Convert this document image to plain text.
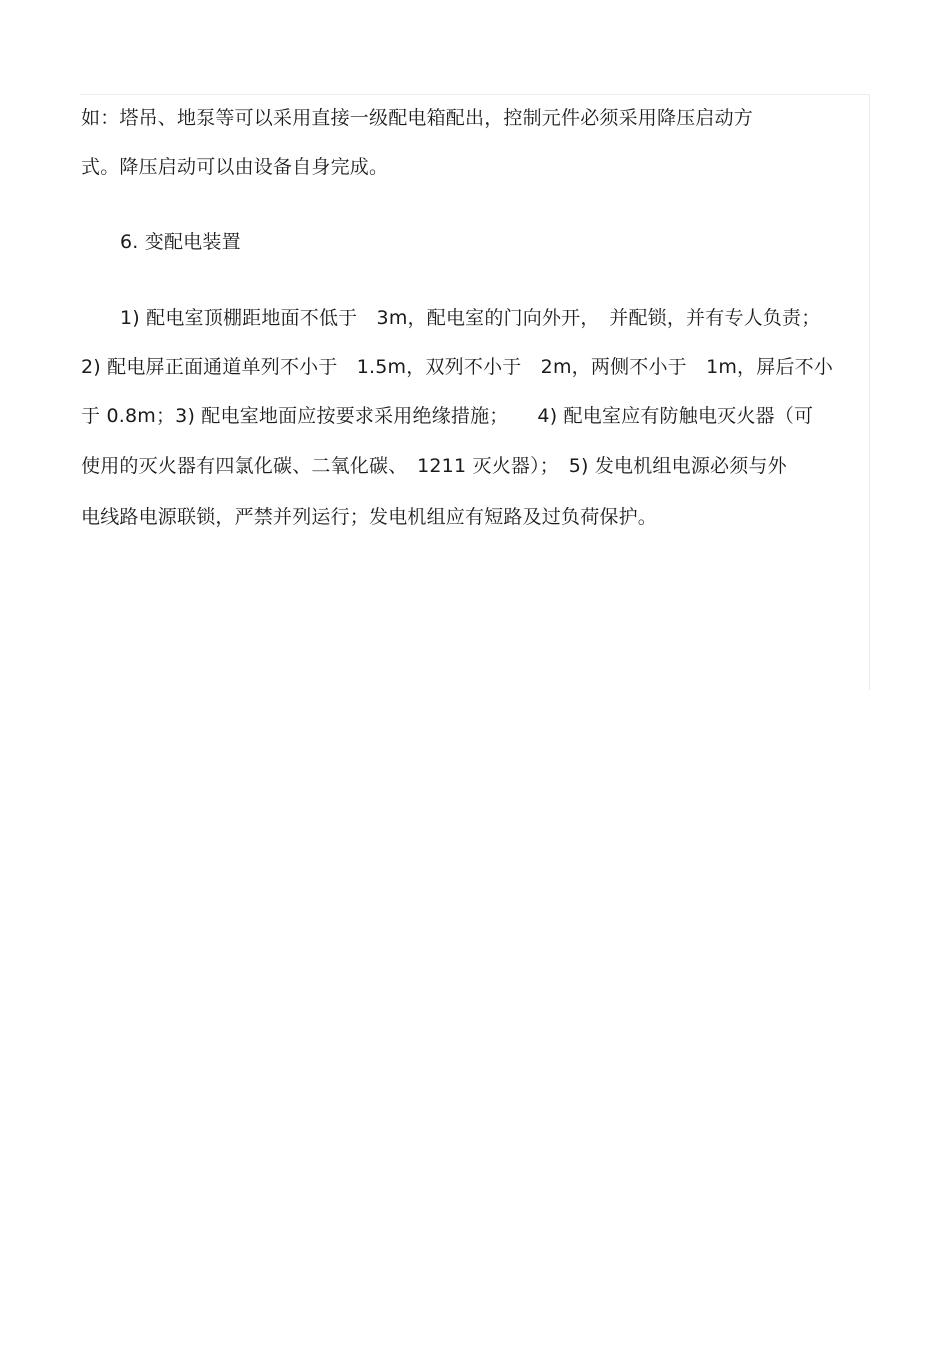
如：塔吊、地泵等可以采用直接一级配电箱配出，控制元件必须采用降压启动方
式。降压启动可以由设备自身完成。
6. 变配电装置
1) 配电室顶棚距地面不低于　3m，配电室的门向外开，　并配锁，并有专人负责；
2) 配电屏正面通道单列不小于　1.5m，双列不小于　2m，两侧不小于　1m，屏后不小
于 0.8m；3) 配电室地面应按要求采用绝缘措施；　　4) 配电室应有防触电灭火器（可
使用的灭火器有四氯化碳、二氧化碳、　1211 灭火器）；　5) 发电机组电源必须与外
电线路电源联锁，严禁并列运行；发电机组应有短路及过负荷保护。
